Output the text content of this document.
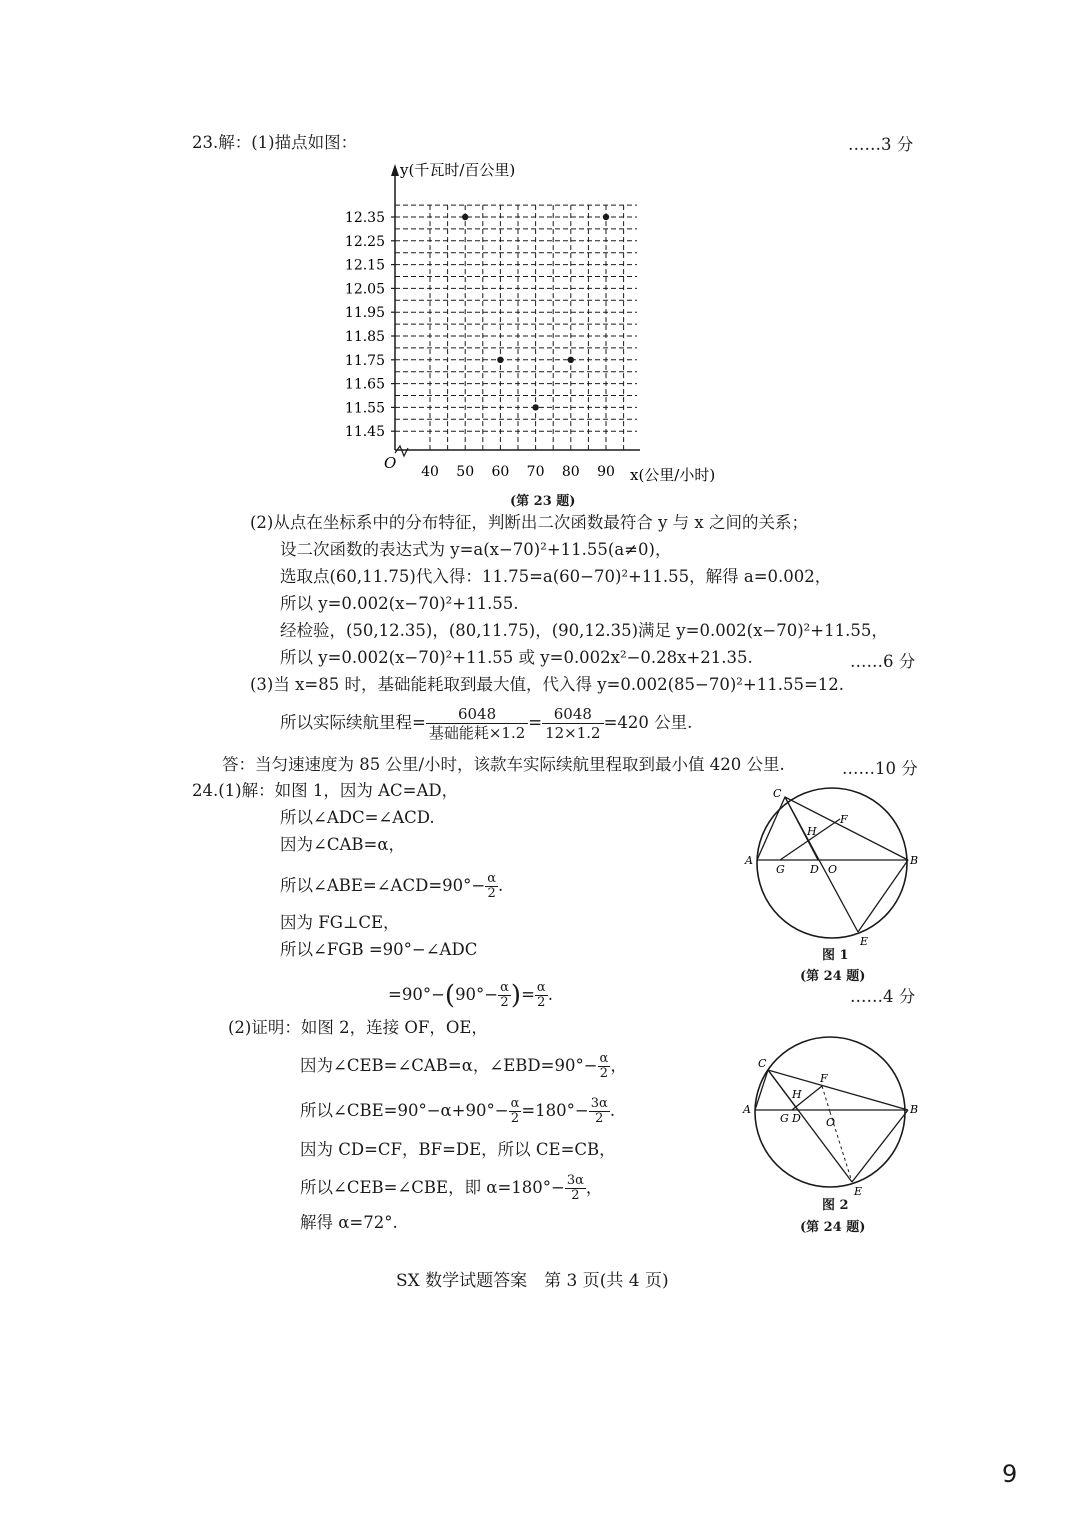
23.解：(1)描点如图：	……3 分
11.45
11.55
11.65
11.75
11.85
11.95
12.05
12.15
12.25
12.35
40 50 60 70 80 90
y(千瓦时/百公里)
x(公里/小时)
O
(第 23 题)
(2)从点在坐标系中的分布特征，判断出二次函数最符合 y 与 x 之间的关系；
设二次函数的表达式为 y=a(x−70)²+11.55(a≠0)，
选取点(60,11.75)代入得：11.75=a(60−70)²+11.55，解得 a=0.002，
所以 y=0.002(x−70)²+11.55.
经检验，(50,12.35)，(80,11.75)，(90,12.35)满足 y=0.002(x−70)²+11.55，
所以 y=0.002(x−70)²+11.55 或 y=0.002x²−0.28x+21.35.	……6 分
(3)当 x=85 时，基础能耗取到最大值，代入得 y=0.002(85−70)²+11.55=12.
所以实际续航里程= $\frac{6048}{\text{基础能耗×1.2}} = \frac{6048}{12\times 1.2} =420$ 公里.
答：当匀速速度为 85 公里/小时，该款车实际续航里程取到最小值 420 公里.	……10 分
24.(1)解：如图 1，因为 AC=AD，
所以∠ADC=∠ACD.
因为∠CAB=α，
所以∠ABE=∠ACD=90°− $\frac{\alpha}{2}$ .
因为 FG⊥CE，
所以∠FGB =90°−∠ADC
$=90^\circ-(90^\circ- \frac{\alpha}{2}$ )= $\frac{\alpha}{2}$ .	……4 分
(2)证明：如图 2，连接 OF，OE，
因为∠CEB=∠CAB=α，∠EBD=90°− $\frac{\alpha}{2}$ ，
所以∠CBE=90°−α+90°− $\frac{\alpha}{2} =180^\circ- \frac{3\alpha}{2}$ .
因为 CD=CF，BF=DE，所以 CE=CB，
所以∠CEB=∠CBE，即 $\alpha=180^\circ- \frac{3\alpha}{2}$ ，
解得 α=72°.
C
A	B
F
H
G D O
E
图 1
(第 24 题)
C
A	B
F
H
G D O
E
图 2
(第 24 题)
SX 数学试题答案　第 3 页(共 4 页)
9
